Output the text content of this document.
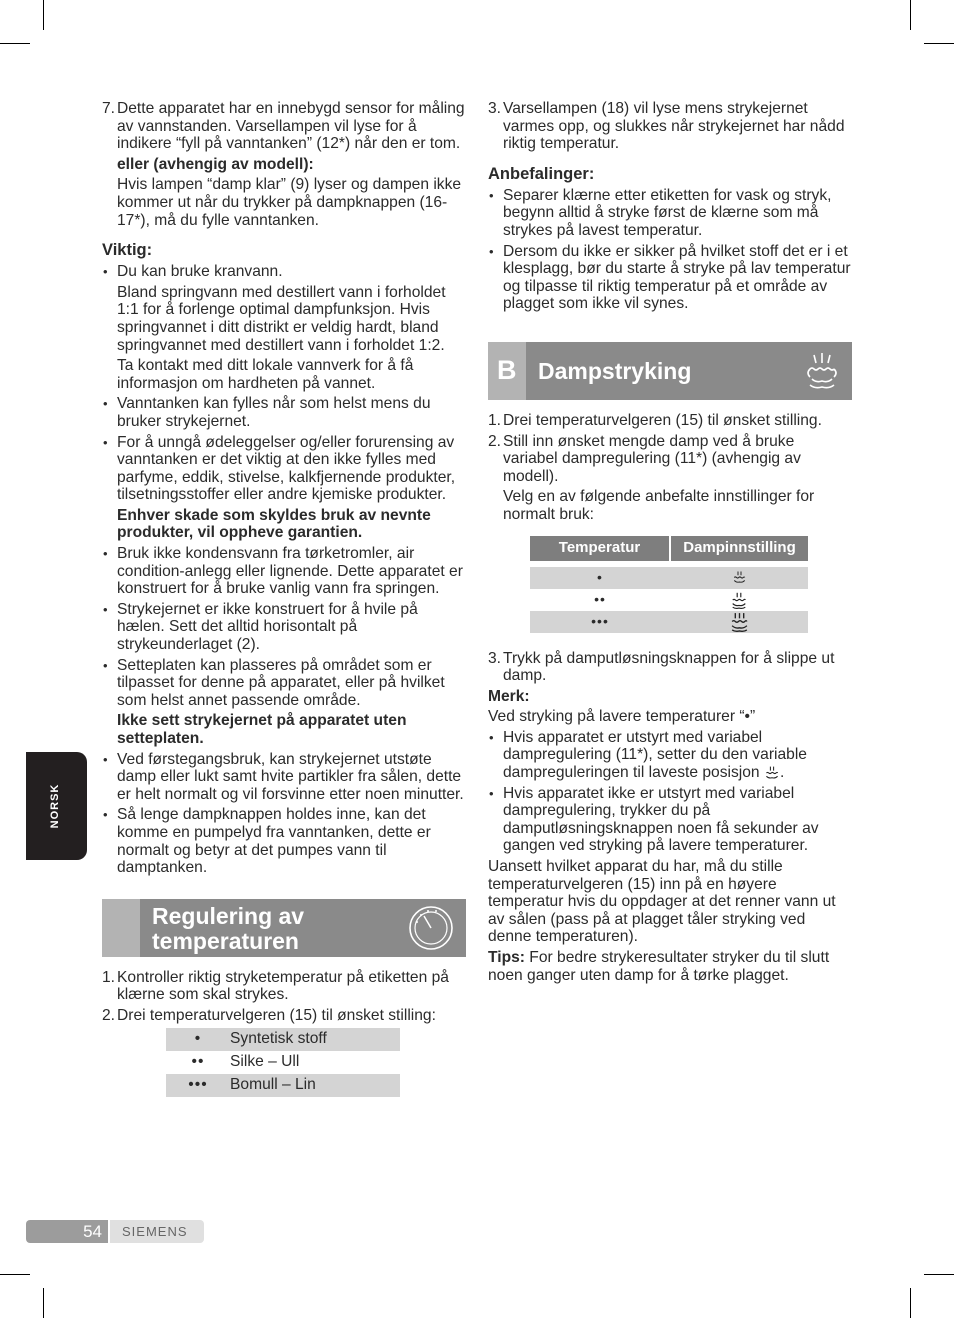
NORSK
7. Dette apparatet har en innebygd sensor for måling av vannstanden. Varsellampen vil lyse for å indikere “fyll på vanntanken” (12*) når den er tom.
eller (avhengig av modell):
Hvis lampen “damp klar” (9) lyser og dampen ikke kommer ut når du trykker på dampknappen (16-17*), må du fylle vanntanken.
Viktig:
• Du kan bruke kranvann.
Bland springvann med destillert vann i forholdet 1:1 for å forlenge optimal dampfunksjon. Hvis springvannet i ditt distrikt er veldig hardt, bland springvannet med destillert vann i forholdet 1:2.
Ta kontakt med ditt lokale vannverk for å få informasjon om hardheten på vannet.
• Vanntanken kan fylles når som helst mens du bruker strykejernet.
• For å unngå ødeleggelser og/eller forurensing av vanntanken er det viktig at den ikke fylles med parfyme, eddik, stivelse, kalkfjernende produkter, tilsetningsstoffer eller andre kjemiske produkter.
Enhver skade som skyldes bruk av nevnte produkter, vil oppheve garantien.
• Bruk ikke kondensvann fra tørketromler, air condition-anlegg eller lignende. Dette apparatet er konstruert for å bruke vanlig vann fra springen.
• Strykejernet er ikke konstruert for å hvile på hælen. Sett det alltid horisontalt på strykeunderlaget (2).
• Setteplaten kan plasseres på området som er tilpasset for denne på apparatet, eller på hvilket som helst annet passende område.
Ikke sett strykejernet på apparatet uten setteplaten.
• Ved førstegangsbruk, kan strykejernet utstøte damp eller lukt samt hvite partikler fra sålen, dette er helt normalt og vil forsvinne etter noen minutter.
• Så lenge dampknappen holdes inne, kan det komme en pumpelyd fra vanntanken, dette er normalt og betyr at det pumpes vann til damptanken.
Regulering av temperaturen
1. Kontroller riktig stryketemperatur på etiketten på klærne som skal strykes.
2. Drei temperaturvelgeren (15) til ønsket stilling:
•	Syntetisk stoff
••	Silke – Ull
•••	Bomull – Lin
3. Varsellampen (18) vil lyse mens strykejernet varmes opp, og slukkes når strykejernet har nådd riktig temperatur.
Anbefalinger:
• Separer klærne etter etiketten for vask og stryk, begynn alltid å stryke først de klærne som må strykes på lavest temperatur.
• Dersom du ikke er sikker på hvilket stoff det er i et klesplagg, bør du starte å stryke på lav temperatur og tilpasse til riktig temperatur på et område av plagget som ikke vil synes.
B Dampstryking
1. Drei temperaturvelgeren (15) til ønsket stilling.
2. Still inn ønsket mengde damp ved å bruke variabel dampregulering (11*) (avhengig av modell).
Velg en av følgende anbefalte innstillinger for normalt bruk:
Temperatur	Dampinnstilling

•	
••	
•••	
3. Trykk på damputløsningsknappen for å slippe ut damp.
Merk:
Ved stryking på lavere temperaturer “•”
• Hvis apparatet er utstyrt med variabel dampregulering (11*), setter du den variable dampreguleringen til laveste posisjon .
• Hvis apparatet ikke er utstyrt med variabel dampregulering, trykker du på damputløsningsknappen noen få sekunder av gangen ved stryking på lavere temperaturer.
Uansett hvilket apparat du har, må du stille temperaturvelgeren (15) inn på en høyere temperatur hvis du oppdager at det renner vann ut av sålen (pass på at plagget tåler stryking ved denne temperaturen).
Tips: For bedre strykeresultater stryker du til slutt noen ganger uten damp for å tørke plagget.
54 SIEMENS
